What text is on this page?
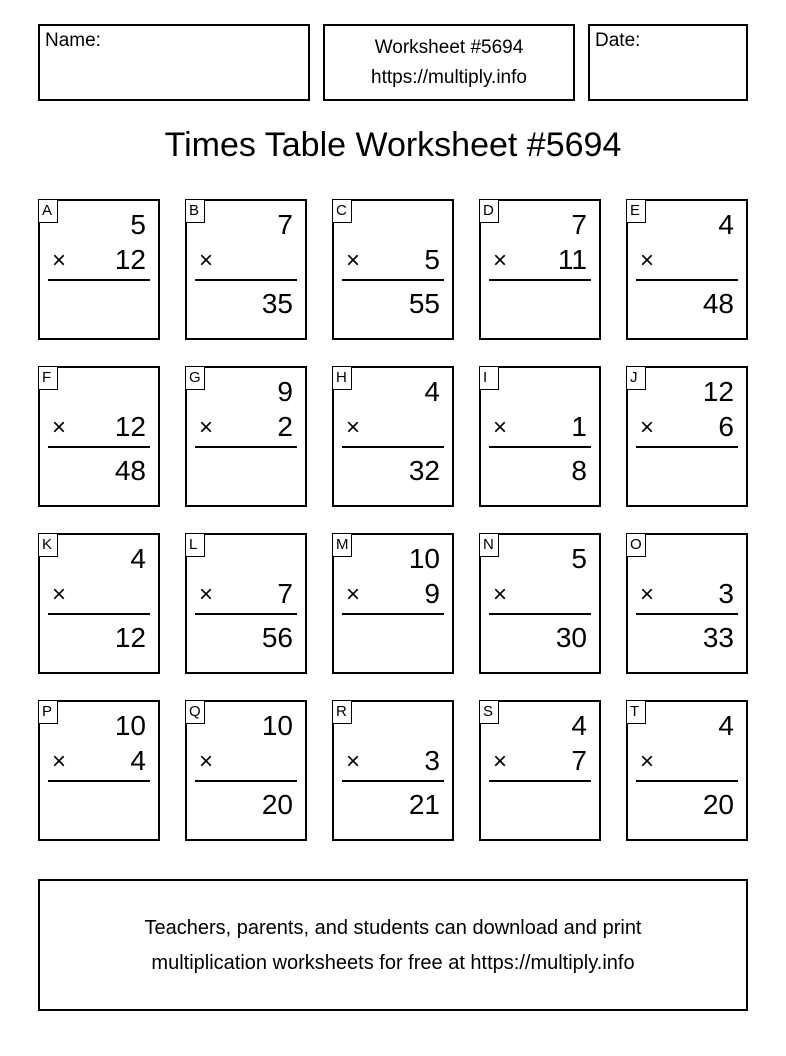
Name:	Worksheet #5694
https://multiply.info
Date:
Times Table Worksheet #5694
A	5
× 12
B	7
×
35
C
× 5
55
D	7
× 11
E	4
×
48
F
× 12
48
G	9
× 2
H	4
×
32
I
× 1
8
J	12
× 6
K	4
×
12
L
× 7
56
M 10
× 9
N	5
×
30
O
× 3
33
P 10
× 4
Q 10
×
20
R
× 3
21
S	4
× 7
T	4
×
20
Teachers, parents, and students can download and print
multiplication worksheets for free at https://multiply.info
